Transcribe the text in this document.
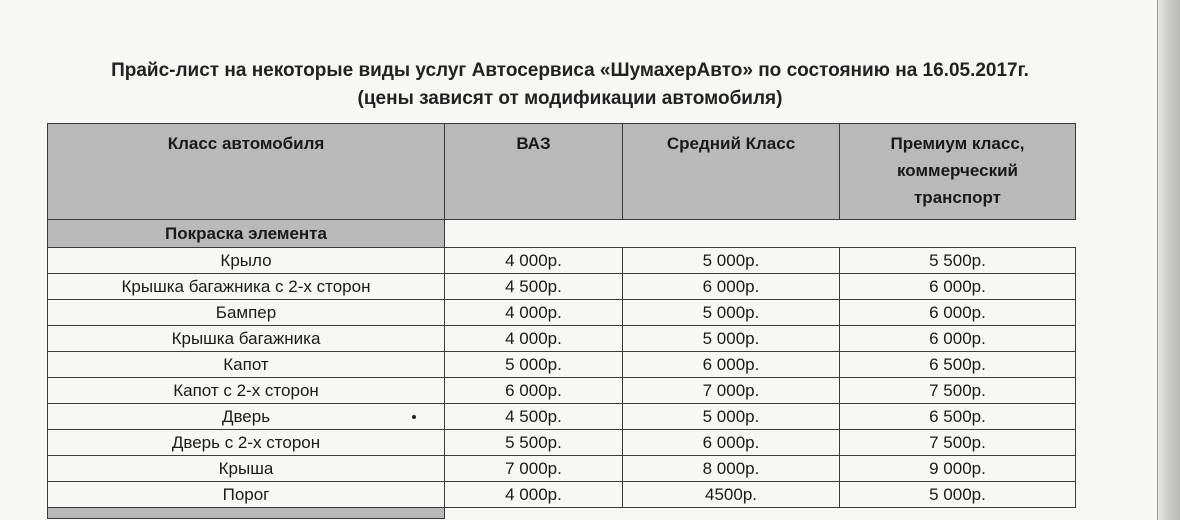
Прайс-лист на некоторые виды услуг Автосервиса «ШумахерАвто» по состоянию на 16.05.2017г.
(цены зависят от модификации автомобиля)
Класс автомобиля	ВАЗ	Средний Класс	Премиум класс, коммерческий транспорт
Покраска элемента			
Крыло	4 000р.	5 000р.	5 500р.
Крышка багажника с 2-х сторон	4 500р.	6 000р.	6 000р.
Бампер	4 000р.	5 000р.	6 000р.
Крышка багажника	4 000р.	5 000р.	6 000р.
Капот	5 000р.	6 000р.	6 500р.
Капот с 2-х сторон	6 000р.	7 000р.	7 500р.
Дверь	4 500р.	5 000р.	6 500р.
Дверь с 2-х сторон	5 500р.	6 000р.	7 500р.
Крыша	7 000р.	8 000р.	9 000р.
Порог	4 000р.	4500р.	5 000р.
